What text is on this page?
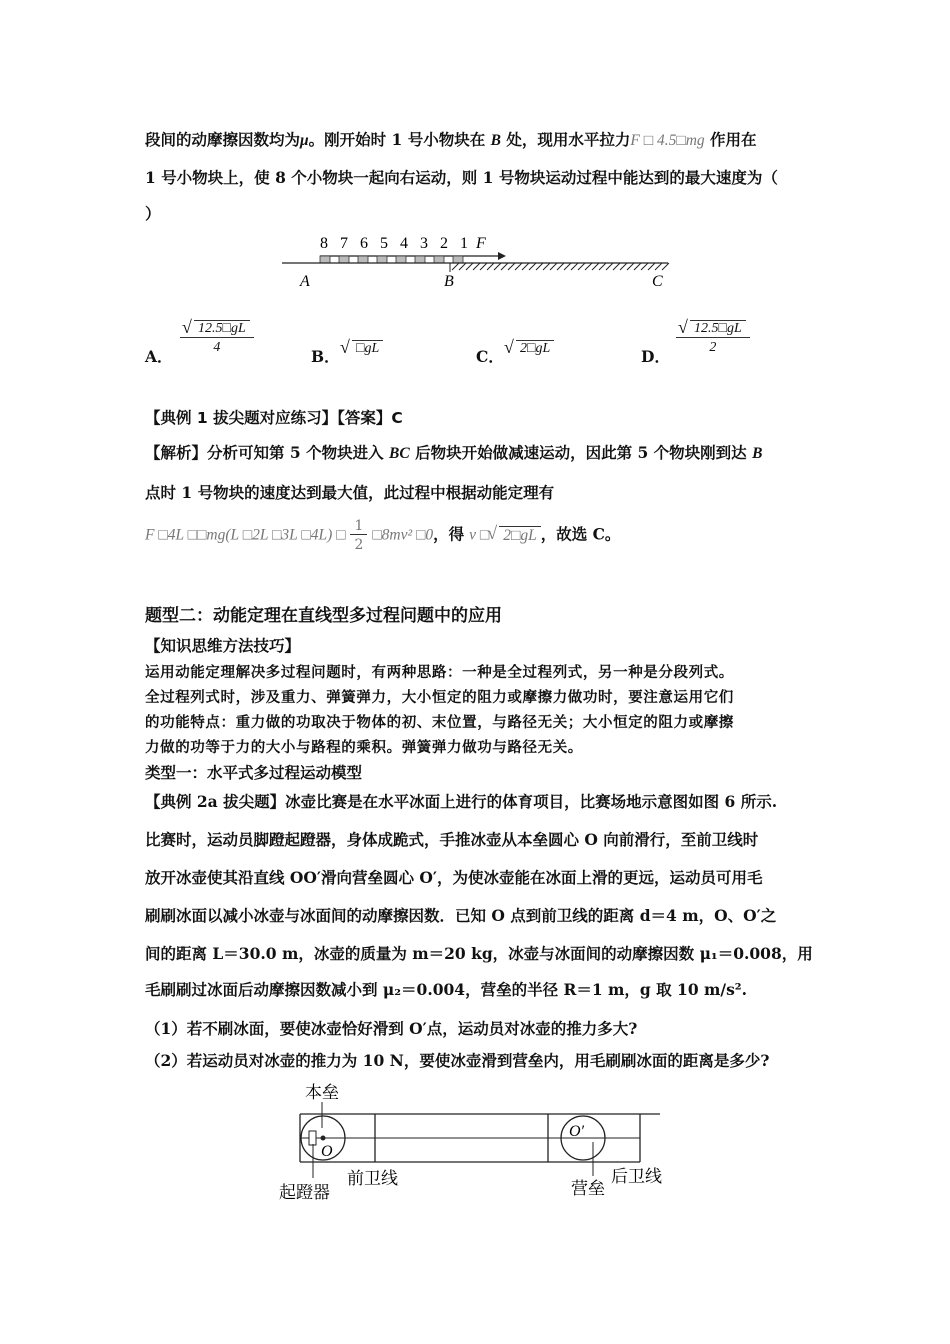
段间的动摩擦因数均为μ。刚开始时 1 号小物块在 B 处，现用水平拉力F □ 4.5□mg 作用在
1 号小物块上，使 8 个小物块一起向右运动，则 1 号物块运动过程中能达到的最大速度为（
）
8 7 6 5 4 3 2 1 F
A	B	C
A．
√ $\frac{12.5□gL}{4}$
B．	√ □gL	C．	√ 2□gL	D．
√ $\frac{12.5□gL}{2}$
【典例 1 拔尖题对应练习】【答案】C
【解析】分析可知第 5 个物块进入 BC 后物块开始做减速运动，因此第 5 个物块刚到达 B
点时 1 号物块的速度达到最大值，此过程中根据动能定理有
F □4L □□mg(L □2L □3L □4L) □ $\frac{1}{2}$ □8mv² □0，得 v □ √ 2□gL ，故选 C。
题型二：动能定理在直线型多过程问题中的应用
【知识思维方法技巧】
运用动能定理解决多过程问题时，有两种思路：一种是全过程列式，另一种是分段列式。
全过程列式时，涉及重力、弹簧弹力，大小恒定的阻力或摩擦力做功时，要注意运用它们
的功能特点：重力做的功取决于物体的初、末位置，与路径无关；大小恒定的阻力或摩擦
力做的功等于力的大小与路程的乘积。弹簧弹力做功与路径无关。
类型一：水平式多过程运动模型
【典例 2a 拔尖题】冰壶比赛是在水平冰面上进行的体育项目，比赛场地示意图如图 6 所示.
比赛时，运动员脚蹬起蹬器，身体成跪式，手推冰壶从本垒圆心 O 向前滑行，至前卫线时
放开冰壶使其沿直线 OO′滑向营垒圆心 O′，为使冰壶能在冰面上滑的更远，运动员可用毛
刷刷冰面以减小冰壶与冰面间的动摩擦因数．已知 O 点到前卫线的距离 d＝4 m，O、O′之
间的距离 L＝30.0 m，冰壶的质量为 m＝20 kg，冰壶与冰面间的动摩擦因数 μ₁＝0.008，用
毛刷刷过冰面后动摩擦因数减小到 μ₂＝0.004，营垒的半径 R＝1 m，g 取 10 m/s².
（1）若不刷冰面，要使冰壶恰好滑到 O′点，运动员对冰壶的推力多大?
（2）若运动员对冰壶的推力为 10 N，要使冰壶滑到营垒内，用毛刷刷冰面的距离是多少?
本垒
O
O′
起蹬器
前卫线	营垒
后卫线
